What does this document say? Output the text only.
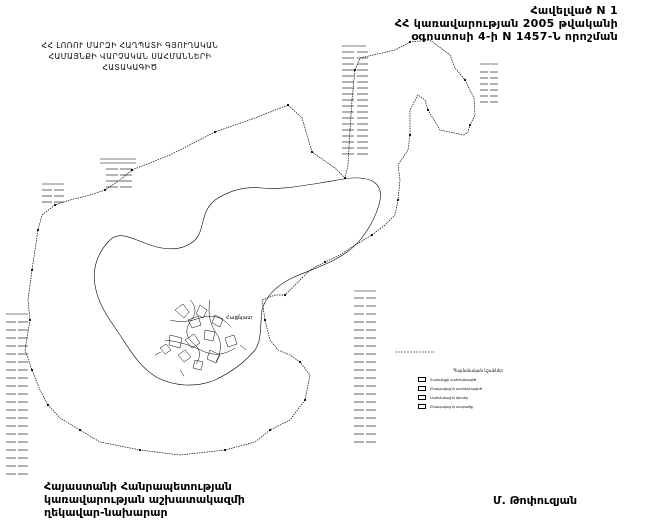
Հավելված N 1
ՀՀ կառավարության 2005 թվականի
օգոստոսի 4-ի N 1457-Ն որոշման
ՀՀ ԼՈՌՈՒ ՄԱՐԶԻ ՀԱՂՊԱՏԻ ԳՅՈՒՂԱԿԱՆ
ՀԱՄԱՅՆՔԻ ՎԱՐՉԱԿԱՆ ՍԱՀՄԱՆՆԵՐԻ
ՀԱՏԱԿԱԳԻԾ
Հաղպատ
Պայմանական նշաններ
Համայնքի սահմանագիծ
Բնակավայրի սահմանագիծ
Սահմանային կետեր
Բնակավայրի տարածք
Հայաստանի Հանրապետության
կառավարության աշխատակազմի
ղեկավար-նախարար
Մ. Թոփուզյան
